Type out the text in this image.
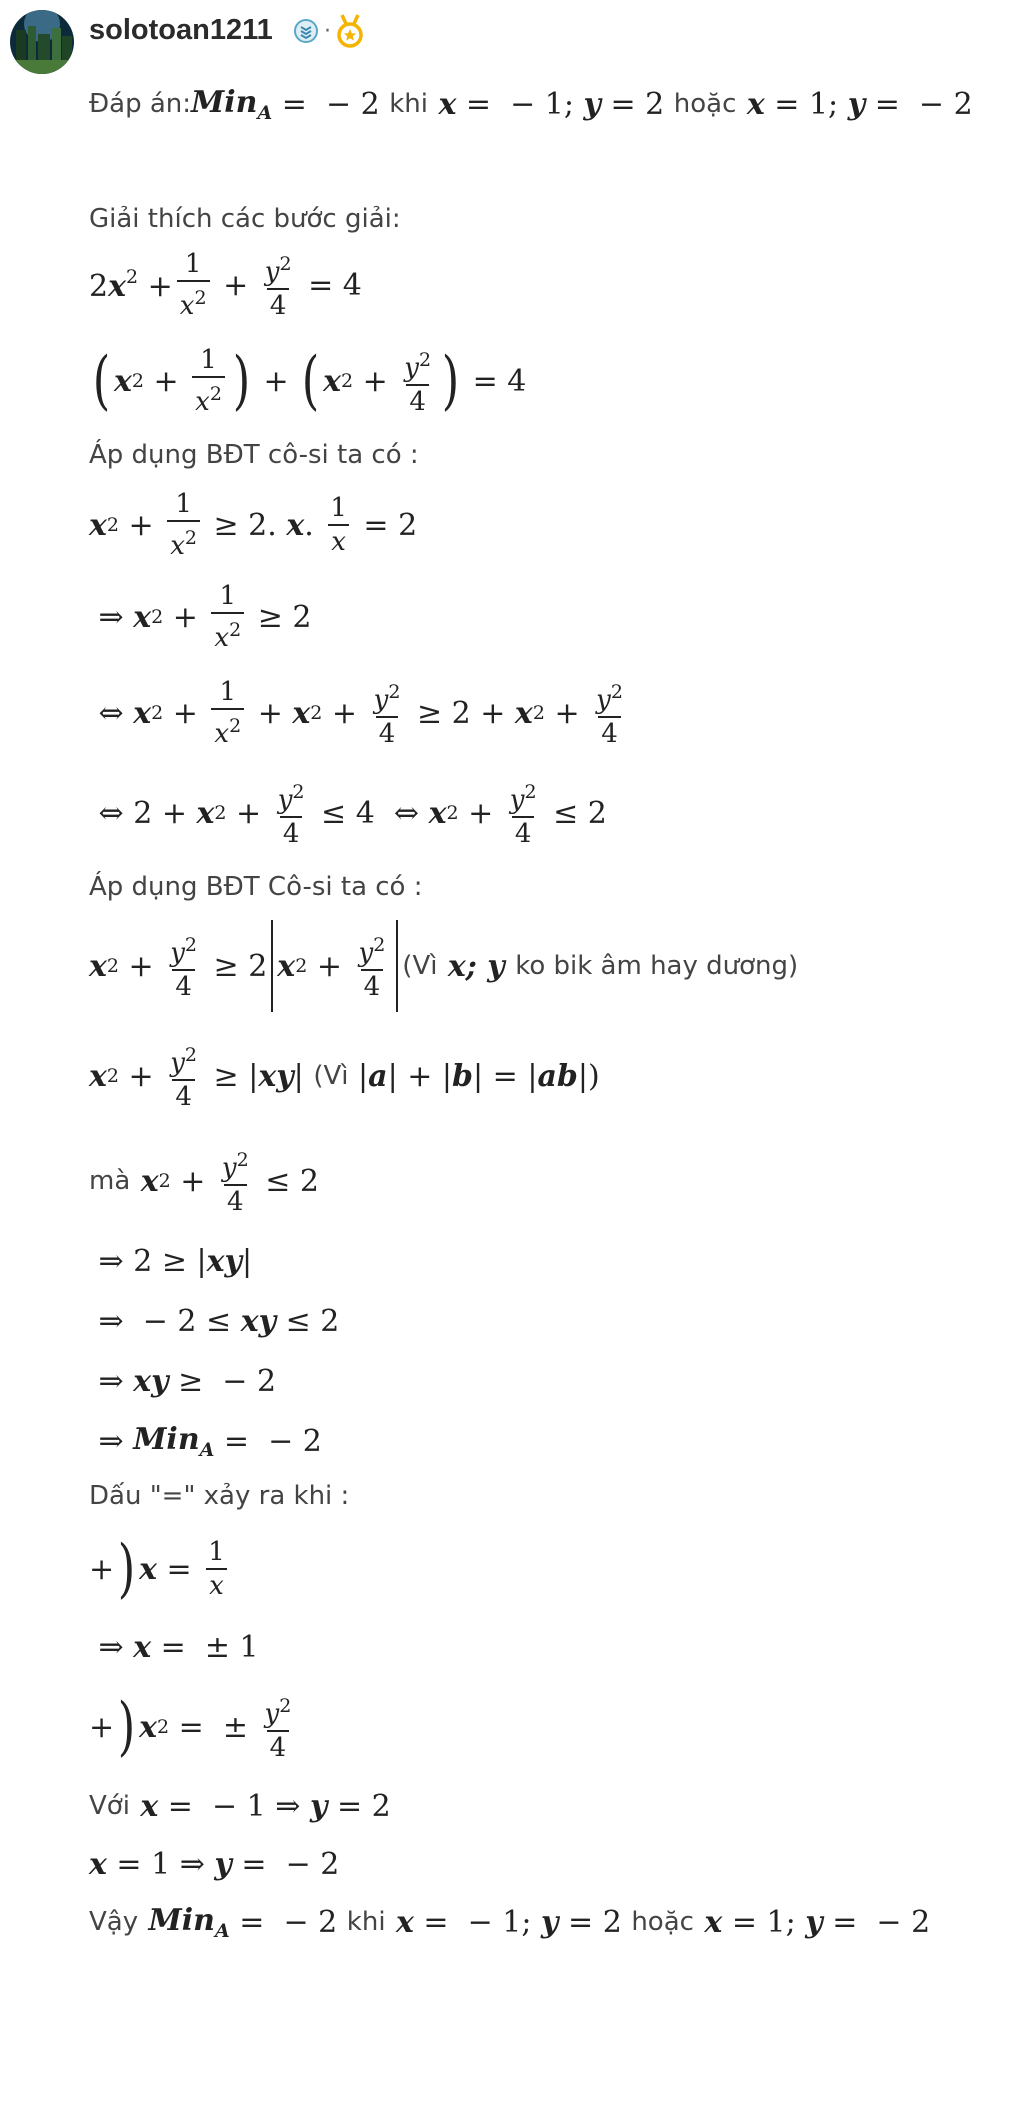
solotoan1211 ·
Đáp án: Min$_A$ =  − 2 khi x =  − 1; y = 2 hoặc x = 1; y =  − 2
Giải thích các bước giải:
$2x^2 + \frac{1}{x^2} + \frac{y^2}{4} = 4$
( x $2 + \frac{1}{x^2}$ ) + ( x $2 + \frac{y^2}{4}$ ) = 4
Áp dụng BĐT cô-si ta có :
x $2 + \frac{1}{x^2} \ge 2$. x . $\frac{1}{x} = 2$
⇒ x $2 + \frac{1}{x^2} \ge 2$
⇔ x $2 + \frac{1}{x^2} + x$ $2 + \frac{y^2}{4} \ge 2 + x$ $2 + \frac{y^2}{4}$
⇔ 2 + x $2 + \frac{y^2}{4} \le 4$  ⇔ x $2 + \frac{y^2}{4} \le 2$
Áp dụng BĐT Cô-si ta có :
x $2 + \frac{y^2}{4} \ge 2$ x $2 + \frac{y^2}{4}$ (Vì x; y ko bik âm hay dương)
x $2 + \frac{y^2}{4}$ ≥ | xy | (Vì | a | + | b | = | ab |)
mà x $2 + \frac{y^2}{4} \le 2$
⇒ 2 ≥ | xy |
⇒  − 2 ≤ xy ≤ 2
⇒ xy ≥  − 2
⇒ Min$_A$ =  − 2
Dấu "=" xảy ra khi :
+ ) $x = \frac{1}{x}$
⇒ x =  ± 1
+ ) x 2 =  ± $\frac{y^2}{4}$
Với x =  − 1 ⇒ y = 2
x = 1 ⇒ y =  − 2
Vậy Min$_A$ =  − 2 khi x =  − 1; y = 2 hoặc x = 1; y =  − 2
